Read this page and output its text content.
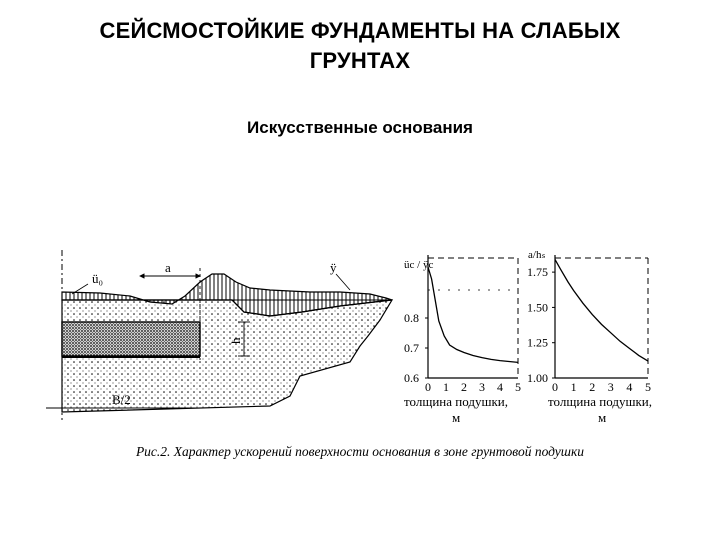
СЕЙСМОСТОЙКИЕ ФУНДАМЕНТЫ НА СЛАБЫХ
ГРУНТАХ
Искусственные основания
ü₀
a	ÿ
h
B/2
üc / ÿc
толщина подушки,
м
0 1 2 3 4 5
0.6
0.7
0.8
a/hₛ
толщина подушки,
м
0 1 2 3 4 5
1.00
1.25
1.50
1.75
Рис.2. Характер ускорений поверхности основания в зоне грунтовой подушки
